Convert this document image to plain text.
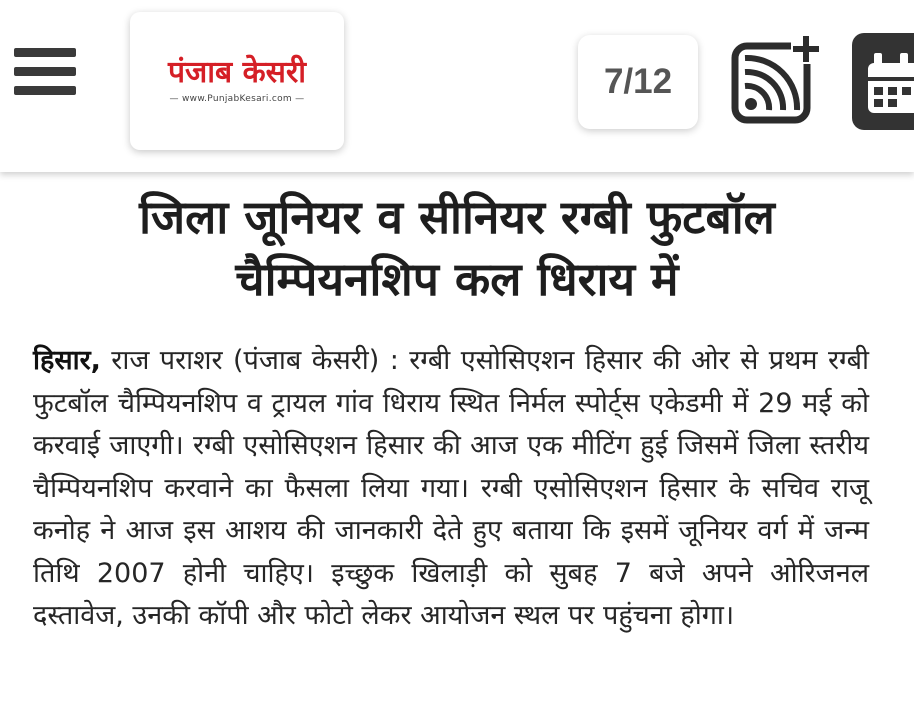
पंजाब केसरी
— www.PunjabKesari.com —	7/12
जिला जूनियर व सीनियर रग्बी फुटबॉल चैम्पियनशिप कल धिराय में
हिसार, राज पराशर (पंजाब केसरी) : रग्बी एसोसिएशन हिसार की ओर से प्रथम रग्बी फुटबॉल चैम्पियनशिप व ट्रायल गांव धिराय स्थित निर्मल स्पोर्ट्स एकेडमी में 29 मई को करवाई जाएगी। रग्बी एसोसिएशन हिसार की आज एक मीटिंग हुई जिसमें जिला स्तरीय चैम्पियनशिप करवाने का फैसला लिया गया। रग्बी एसोसिएशन हिसार के सचिव राजू कनोह ने आज इस आशय की जानकारी देते हुए बताया कि इसमें जूनियर वर्ग में जन्म तिथि 2007 होनी चाहिए। इच्छुक खिलाड़ी को सुबह 7 बजे अपने ओरिजनल दस्तावेज, उनकी कॉपी और फोटो लेकर आयोजन स्थल पर पहुंचना होगा।
